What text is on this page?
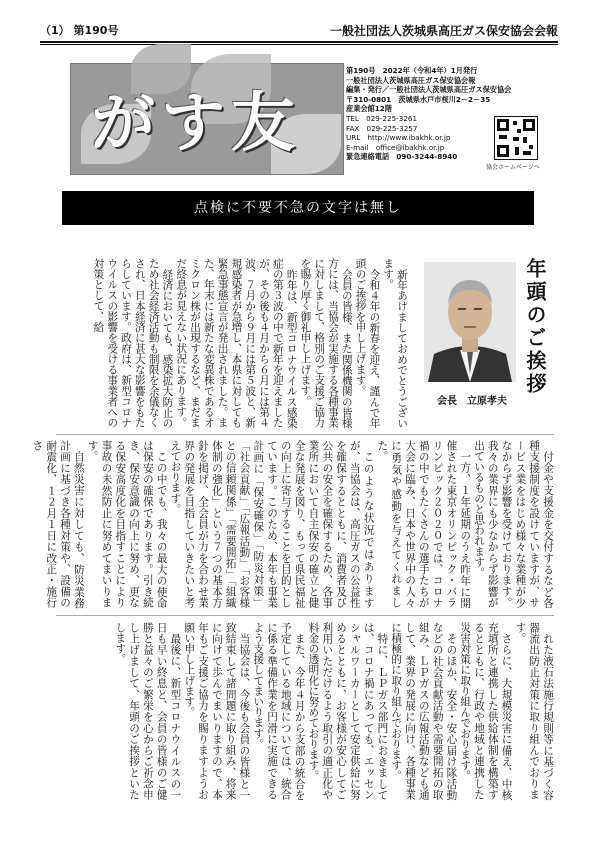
（1） 第190号	一般社団法人茨城県高圧ガス保安協会会報
がす友
第190号　2022年（令和4年）1月発行
一般社団法人茨城県高圧ガス保安協会報
編集・発行／一般社団法人茨城県高圧ガス保安協会
〒310-0801　茨城県水戸市桜川2－2－35
産業会館12階
TEL　029-225-3261
FAX　029-225-3257
URL　http://www.ibakhk.or.jp
E-mail　office@ibakhk.or.jp
緊急連絡電話　090-3244-8940
協会ホームページへ
点検に不要不急の文字は無し
年頭のご挨拶
会長　立原孝夫

新年あけましておめでとうございます。

令和４年の新春を迎え、謹んで年頭のご挨拶を申し上げます。

会員の皆様、また関係機関の皆様方には、当協会が実施する各種事業に対しまして、格別のご支援ご協力を賜り厚く御礼申し上げます。

昨年は、新型コロナウイルス感染症の第３波の中で新年を迎えましたが、その後も４月から６月には第４波、７月から９月には第５波と、新規感染者が急増し、本県に対しても緊急事態宣言が発出されました。また、年末には新たな変異株であるオミクロン株が出現するなど、まだまだ終息が見えない状況にあります。

経済においても、感染拡大防止のため社会経済活動も制限を余儀なくされ、日本経済に甚大な影響をもたらしています。政府は、新型コロナウイルスの影響を受ける事業者への対策として、給

付金や支援金を交付するなど各種支援制度を設けていますが、サービス業をはじめ様々な業種が少なからず影響を受けております。我々の業界にも少なからず影響が出ているものと思われます。

一方、１年延期のうえ昨年に開催された東京オリンピック・パラリンピック２０２０では、コロナ禍の中でもたくさんの選手たちが大会に臨み、日本や世界中の人々に勇気や感動を与えてくれました。

このような状況ではありますが、当協会は、高圧ガスの公益性を確保するとともに、消費者及び公共の安全を確保するため、各事業所において自主保安の確立と健全な発展を図り、もって県民福祉の向上に寄与することを目的としています。このため、本年も事業計画に「保安確保」「防災対策」「社会貢献」「広報活動」「お客様との信頼関係」「需要開拓」「組織体制の強化」という７つの基本方針を掲げ、全会員が力を合わせ業界の発展を目指していきたいと考えております。

この中でも、我々の最大の使命は保安の確保であります。引き続き、保安意識の向上に努め、更なる保安高度化を目指すことにより事故の未然防止に努めてまいります。

自然災害に対しても、防災業務計画に基づき各種対策や、設備の耐震化、１２月１日に改正・施行さ

れた液石法施行規則等に基づく容器流出防止対策に取り組んでおります。

さらに、大規模災害に備え、中核充填所と連携した供給体制を構築するとともに、行政や地域と連携した災害対策に取り組んでおります。

そのほか、安全・安心届け隊活動などの社会貢献活動や需要開拓の取組み、ＬＰガスの広報活動なども通して、業界の発展に向け、各種事業に積極的に取り組んでおります。

特に、ＬＰガス部門におきましては、コロナ禍にあっても、エッセンシャルワーカーとして安定供給に努めるとともに、お客様が安心してご利用いただけるよう取引の適正化や料金の透明化に努めております。

また、今年４月から支部の統合を予定している地域については、統合に係る準備作業を円滑に実施できるよう支援してまいります。

当協会は、今後も会員の皆様と一致結束して諸問題に取り組み、将来に向けて歩んでまいりますので、本年もご支援ご協力を賜りますようお願い申し上げます。

最後に、新型コロナウイルスの一日も早い終息と、会員の皆様のご健勝と益々のご繁栄を心からご祈念申し上げまして、年頭のご挨拶といたします。
